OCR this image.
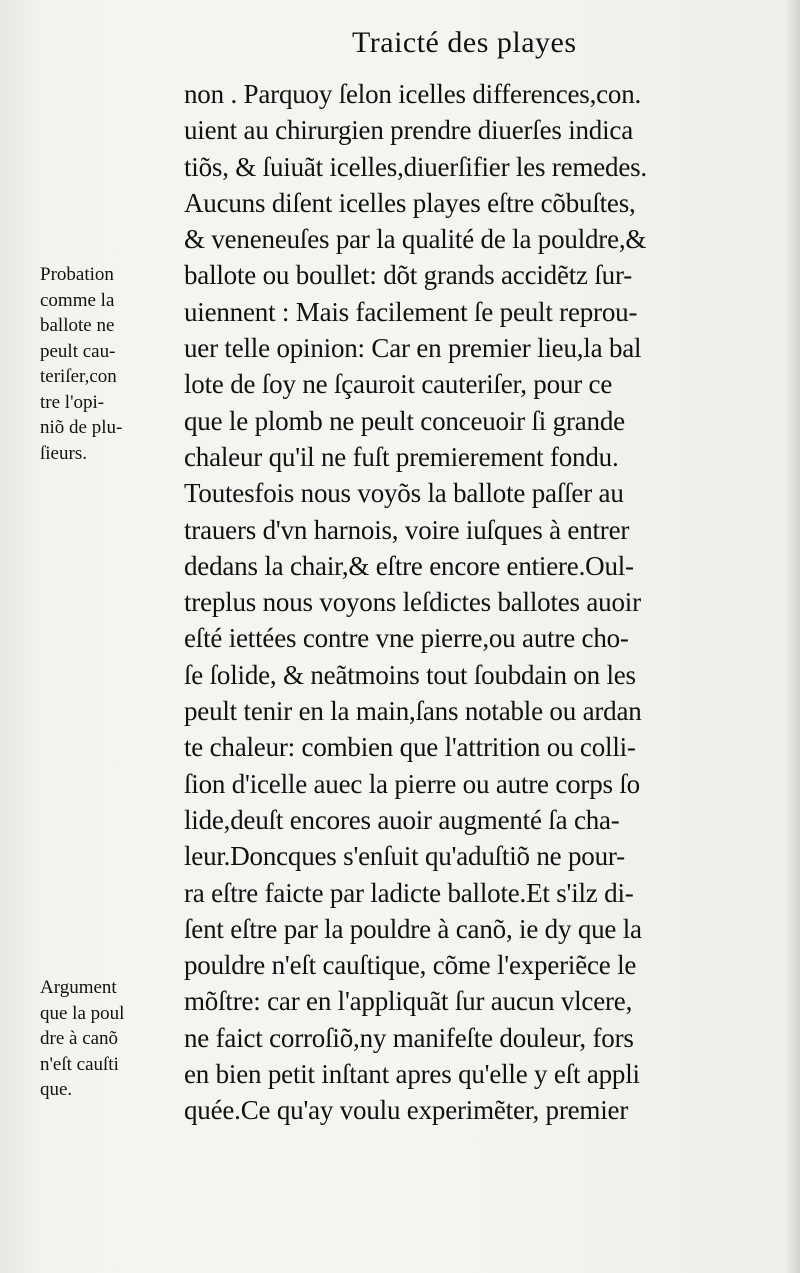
Traicté des playes
non . Parquoy ſelon icelles differences,con.
uient au chirurgien prendre diuerſes indica
tiõs, & ſuiuãt icelles,diuerſifier les remedes.
Aucuns diſent icelles playes eſtre cõbuſtes,
& veneneuſes par la qualité de la pouldre,&
ballote ou boullet: dõt grands accidẽtz ſur-
uiennent : Mais facilement ſe peult reprou-
uer telle opinion: Car en premier lieu,la bal
lote de ſoy ne ſçauroit cauteriſer, pour ce
que le plomb ne peult conceuoir ſi grande
chaleur qu'il ne fuſt premierement fondu.
Toutesfois nous voyõs la ballote paſſer au
trauers d'vn harnois, voire iuſques à entrer
dedans la chair,& eſtre encore entiere.Oul-
treplus nous voyons leſdictes ballotes auoir
eſté iettées contre vne pierre,ou autre cho-
ſe ſolide, & neãtmoins tout ſoubdain on les
peult tenir en la main,ſans notable ou ardan
te chaleur: combien que l'attrition ou colli-
ſion d'icelle auec la pierre ou autre corps ſo
lide,deuſt encores auoir augmenté ſa cha-
leur.Doncques s'enſuit qu'aduſtiõ ne pour-
ra eſtre faicte par ladicte ballote.Et s'ilz di-
ſent eſtre par la pouldre à canõ, ie dy que la
pouldre n'eſt cauſtique, cõme l'experiẽce le
mõſtre: car en l'appliquãt ſur aucun vlcere,
ne faict corroſiõ,ny manifeſte douleur, fors
en bien petit inſtant apres qu'elle y eſt appli
quée.Ce qu'ay voulu experimẽter, premier
Probation
comme la
ballote ne
peult cau-
teriſer,con
tre l'opi-
niõ de plu-
ſieurs.
Argument
que la poul
dre à canõ
n'eſt cauſti
que.
